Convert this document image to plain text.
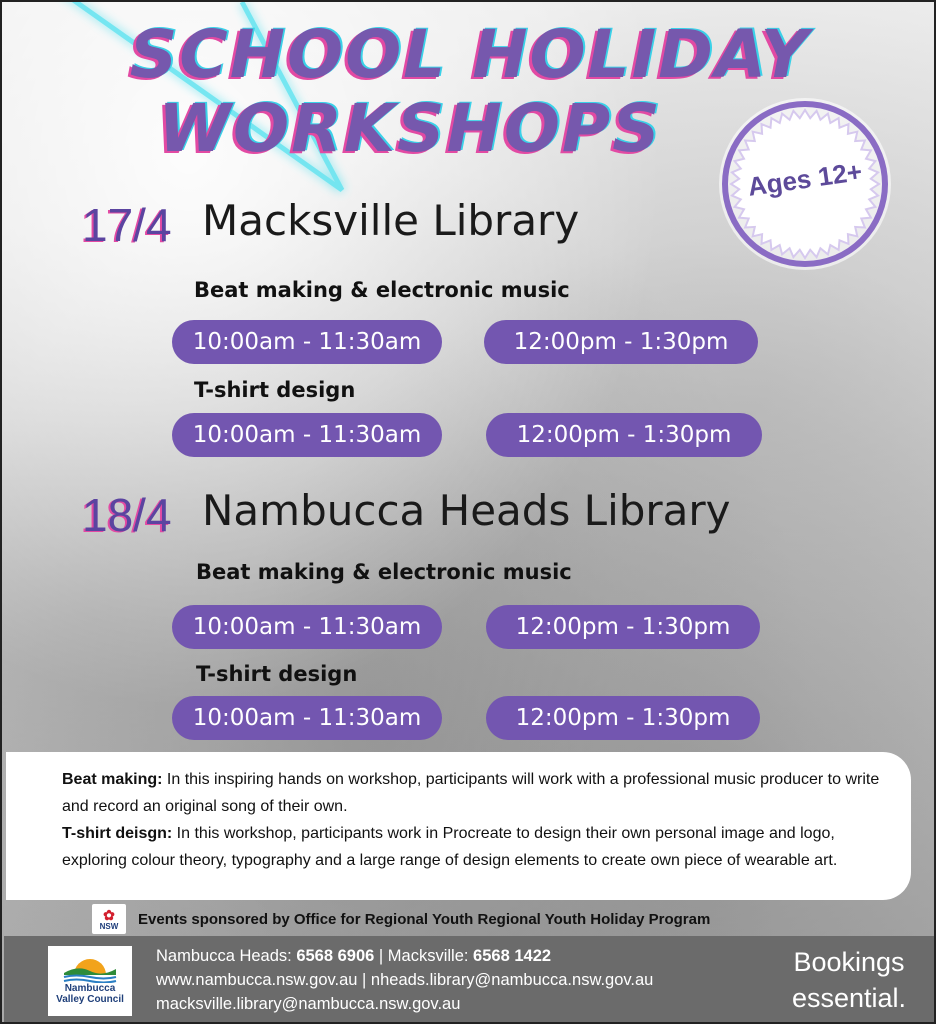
SCHOOL HOLIDAY
WORKSHOPS
Ages 12+
17/4 Macksville Library
Beat making & electronic music
10:00am - 11:30am	12:00pm - 1:30pm
T-shirt design
10:00am - 11:30am	12:00pm - 1:30pm
18/4 Nambucca Heads Library
Beat making & electronic music
10:00am - 11:30am	12:00pm - 1:30pm
T-shirt design
10:00am - 11:30am	12:00pm - 1:30pm

Beat making: In this inspiring hands on workshop, participants will work with a professional music producer to write and record an original song of their own.

T-shirt deisgn: In this workshop, participants work in Procreate to design their own personal image and logo, exploring colour theory, typography and a large range of design elements to create own piece of wearable art.

✿
NSW Events sponsored by Office for Regional Youth Regional Youth Holiday Program
Nambucca
Valley Council
Nambucca Heads: 6568 6906 | Macksville: 6568 1422
www.nambucca.nsw.gov.au | nheads.library@nambucca.nsw.gov.au
macksville.library@nambucca.nsw.gov.au
Bookings
essential.
